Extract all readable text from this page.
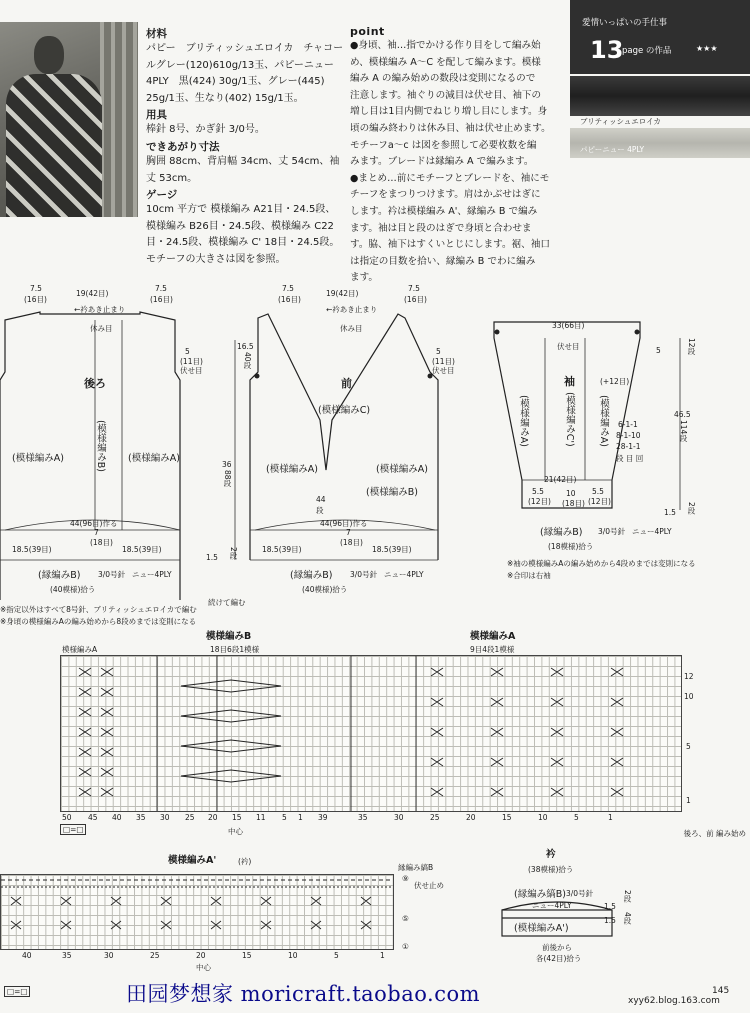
材料
パピー　ブリティッシュエロイカ　チャコー
ルグレー(120)610g/13玉、パピーニュー
4PLY　黒(424) 30g/1玉、グレー(445)
25g/1玉、生なり(402) 15g/1玉。
用具
棒針 8号、かぎ針 3/0号。
できあがり寸法
胸囲 88cm、背肩幅 34cm、丈 54cm、袖
丈 53cm。
ゲージ
10cm 平方で 模様編み A21目・24.5段、
模様編み B26目・24.5段、模様編み C22
目・24.5段、模様編み C' 18目・24.5段。
モチーフの大きさは図を参照。
point
●身頃、袖…指でかける作り目をして編み始
め、模様編み A～C を配して編みます。模様
編み A の編み始めの数段は変則になるので
注意します。袖ぐりの減目は伏せ目、袖下の
増し目は1目内側でねじり増し目にします。身
頃の編み終わりは休み目、袖は伏せ止めます。
モチーフa～c は図を参照して必要枚数を編
みます。ブレードは縁編み A で編みます。
●まとめ…前にモチーフとブレードを、袖にモ
チーフをまつりつけます。肩はかぶせはぎに
します。衿は模様編み A'、縁編み B で編み
ます。袖は目と段のはぎで身頃と合わせま
す。脇、袖下はすくいとじにします。裾、袖口
は指定の目数を拾い、縁編み B でわに編み
ます。
愛情いっぱいの手仕事
13
page の作品	★★★
ブリティッシュエロイカ
パピーニュー 4PLY
7.5
(16目)
19(42目)
7.5
(16目)
←衿あき止まり
休み目
5
(11目)
伏せ目
後ろ
(模様編みB)
(模様編みA)	(模様編みA)
44(96目)作る
7
(18目)
18.5(39目)	18.5(39目)
(縁編みB) 3/0号針 ニュー4PLY
(40模様)拾う
16.5
40段
36
88段
1.5 2段
7.5
(16目)
19(42目)
7.5
(16目)
←衿あき止まり
休み目
5
(11目)
伏せ目
前
(模様編みC)
(模様編みA)	(模様編みA)
(模様編みB)
44
段
44(96目)作る
7
(18目)
18.5(39目)	18.5(39目)
(縁編みB) 3/0号針 ニュー4PLY
(40模様)拾う
続けて編む
33(66目)
伏せ目	5	12段
袖	(+12目)
(模様編みA)	(模様編みC') (模様編みA) 6-1-1
8-1-10
28-1-1
段 目 回
46.5
114段
21(42目)
5.5
(12目)
10
(18目)
5.5
(12目)
1.5 2段
(縁編みB) 3/0号針 ニュー4PLY
(18模様)拾う
※袖の模様編みAの編み始めから4段めまでは変則になる
※合印は右袖
※指定以外はすべて8号針、ブリティッシュエロイカで編む
※身頃の模様編みAの編み始めから8段めまでは変則になる
模様編みB	模様編みA
18目6段1模様	9目4段1模様
模様編みA
50 45 40 35 30 25 20 15 11 5 1 39	35	30	25	20	15	10	5	1
12
10
5
1
□=□	中心	後ろ、前 編み始め
模様編みA'	(衿)
縁編み縞B
⑨
伏せ止め
⑤
①
40	35	30	25	20	15	10	5	1
中心
□=□
衿
(38模様)拾う
(縁編み縞B) 3/0号針
ニュー4PLY
(模様編みA')
1.5
2段
1.5 4段
前後から
各(42目)拾う
田园梦想家 moricraft.taobao.com	145
xyy62.blog.163.com
